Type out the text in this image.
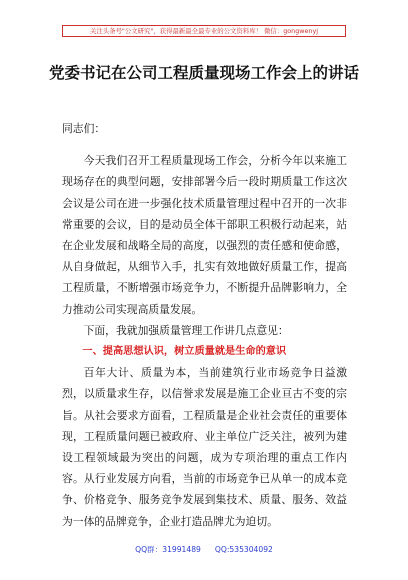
关注头条号"公文研究"，获得最新最全最专业的公文资料库！ 微信：gongwenyj
党委书记在公司工程质量现场工作会上的讲话

同志们：

今天我们召开工程质量现场工作会，分析今年以来施工现场存在的典型问题，安排部署今后一段时期质量工作这次会议是公司在进一步强化技术质量管理过程中召开的一次非常重要的会议，目的是动员全体干部职工积极行动起来，站在企业发展和战略全局的高度，以强烈的责任感和使命感，从自身做起，从细节入手，扎实有效地做好质量工作，提高工程质量，不断增强市场竞争力，不断提升品牌影响力，全力推动公司实现高质量发展。

下面，我就加强质量管理工作讲几点意见：

一、提高思想认识，树立质量就是生命的意识

百年大计、质量为本，当前建筑行业市场竞争日益激烈，以质量求生存，以信誉求发展是施工企业亘古不变的宗旨。从社会要求方面看，工程质量是企业社会责任的重要体现，工程质量问题已被政府、业主单位广泛关注，被列为建设工程领域最为突出的问题，成为专项治理的重点工作内容。从行业发展方向看，当前的市场竞争已从单一的成本竞争、价格竞争、服务竞争发展到集技术、质量、服务、效益为一体的品牌竞争，企业打造品牌尤为迫切。

QQ群：31991489 QQ:535304092
